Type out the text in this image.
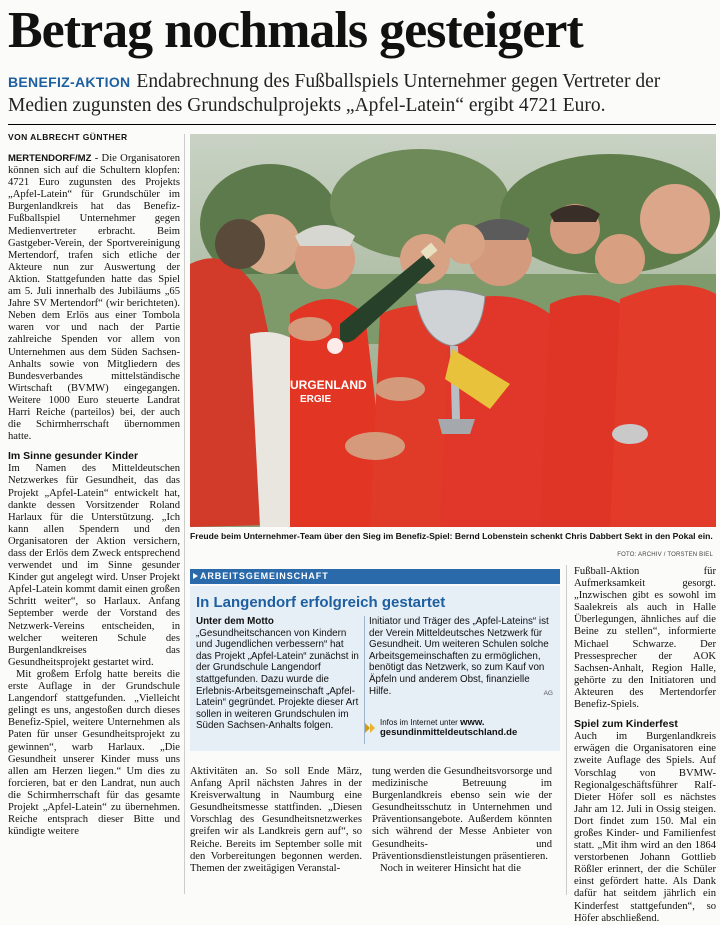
Betrag nochmals gesteigert
BENEFIZ-AKTION Endabrechnung des Fußballspiels Unternehmer gegen Vertreter der Medien zugunsten des Grundschulprojekts „Apfel-Latein“ ergibt 4721 Euro.
VON ALBRECHT GÜNTHER

MERTENDORF/MZ - Die Organisatoren können sich auf die Schultern klopfen: 4721 Euro zugunsten des Projekts „Apfel-Latein“ für Grundschüler im Burgenlandkreis hat das Benefiz-Fußballspiel Unternehmer gegen Medienvertreter erbracht. Beim Gastgeber-Verein, der Sportvereinigung Mertendorf, trafen sich etliche der Akteure nun zur Auswertung der Aktion. Stattgefunden hatte das Spiel am 5. Juli innerhalb des Jubiläums „65 Jahre SV Mertendorf“ (wir berichteten). Neben dem Erlös aus einer Tombola waren vor und nach der Partie zahlreiche Spenden vor allem von Unternehmen aus dem Süden Sachsen-Anhalts sowie von Mitgliedern des Bundesverbandes mittelständische Wirtschaft (BVMW) eingegangen. Weitere 1000 Euro steuerte Landrat Harri Reiche (parteilos) bei, der auch die Schirmherrschaft übernommen hatte.

Im Sinne gesunder Kinder

Im Namen des Mitteldeutschen Netzwerkes für Gesundheit, das das Projekt „Apfel-Latein“ entwickelt hat, dankte dessen Vorsitzender Roland Harlaux für die Unterstützung. „Ich kann allen Spendern und den Organisatoren der Aktion versichern, dass der Erlös dem Zweck entsprechend verwendet und im Sinne gesunder Kinder gut angelegt wird. Unser Projekt Apfel-Latein kommt damit einen großen Schritt weiter“, so Harlaux. Anfang September werde der Vorstand des Netzwerk-Vereins entscheiden, in welcher weiteren Schule des Burgenlandkreises das Gesundheitsprojekt gestartet wird.

Mit großem Erfolg hatte bereits die erste Auflage in der Grundschule Langendorf stattgefunden. „Vielleicht gelingt es uns, angestoßen durch dieses Benefiz-Spiel, weitere Unternehmen als Paten für unser Gesundheitsprojekt zu gewinnen“, warb Harlaux. „Die Gesundheit unserer Kinder muss uns allen am Herzen liegen.“ Um dies zu forcieren, bat er den Landrat, nun auch die Schirmherrschaft für das gesamte Projekt „Apfel-Latein“ zu übernehmen. Reiche entsprach dieser Bitte und kündigte weitere

URGENLAND
ERGIE
Freude beim Unternehmer-Team über den Sieg im Benefiz-Spiel: Bernd Lobenstein schenkt Chris Dabbert Sekt in den Pokal ein.
FOTO: ARCHIV / TORSTEN BIEL
ARBEITSGEMEINSCHAFT
In Langendorf erfolgreich gestartet
Unter dem Motto „Gesundheitschancen von Kindern und Jugendlichen verbessern“ hat das Projekt „Apfel-Latein“ zunächst in der Grundschule Langendorf stattgefunden. Dazu wurde die Erlebnis-Arbeitsgemeinschaft „Apfel-Latein“ gegründet. Projekte dieser Art sollen in weiteren Grundschulen im Süden Sachsen-Anhalts folgen.
Initiator und Träger des „Apfel-Lateins“ ist der Verein Mitteldeutsches Netzwerk für Gesundheit. Um weiteren Schulen solche Arbeitsgemeinschaften zu ermöglichen, benötigt das Netzwerk, so zum Kauf von Äpfeln und anderem Obst, finanzielle Hilfe.	AG
Infos im Internet unter www.
gesundinmitteldeutschland.de

Aktivitäten an. So soll Ende März, Anfang April nächsten Jahres in der Kreisverwaltung in Naumburg eine Gesundheitsmesse stattfinden. „Diesen Vorschlag des Gesundheitsnetzwerkes greifen wir als Landkreis gern auf“, so Reiche. Bereits im September solle mit den Vorbereitungen begonnen werden. Themen der zweitägigen Veranstal-

tung werden die Gesundheitsvorsorge und medizinische Betreuung im Burgenlandkreis ebenso sein wie der Gesundheitsschutz in Unternehmen und Präventionsangebote. Außerdem könnten sich während der Messe Anbieter von Gesundheits- und Präventionsdienstleistungen präsentieren.

Noch in weiterer Hinsicht hat die

Fußball-Aktion für Aufmerksamkeit gesorgt. „Inzwischen gibt es sowohl im Saalekreis als auch in Halle Überlegungen, ähnliches auf die Beine zu stellen“, informierte Michael Schwarze. Der Pressesprecher der AOK Sachsen-Anhalt, Region Halle, gehörte zu den Initiatoren und Akteuren des Mertendorfer Benefiz-Spiels.

Spiel zum Kinderfest

Auch im Burgenlandkreis erwägen die Organisatoren eine zweite Auflage des Spiels. Auf Vorschlag von BVMW-Regionalgeschäftsführer Ralf-Dieter Höfer soll es nächstes Jahr am 12. Juli in Ossig steigen. Dort findet zum 150. Mal ein großes Kinder- und Familienfest statt. „Mit ihm wird an den 1864 verstorbenen Johann Gottlieb Rößler erinnert, der die Schüler einst gefördert hatte. Als Dank dafür hat seitdem jährlich ein Kinderfest stattgefunden“, so Höfer abschließend.
